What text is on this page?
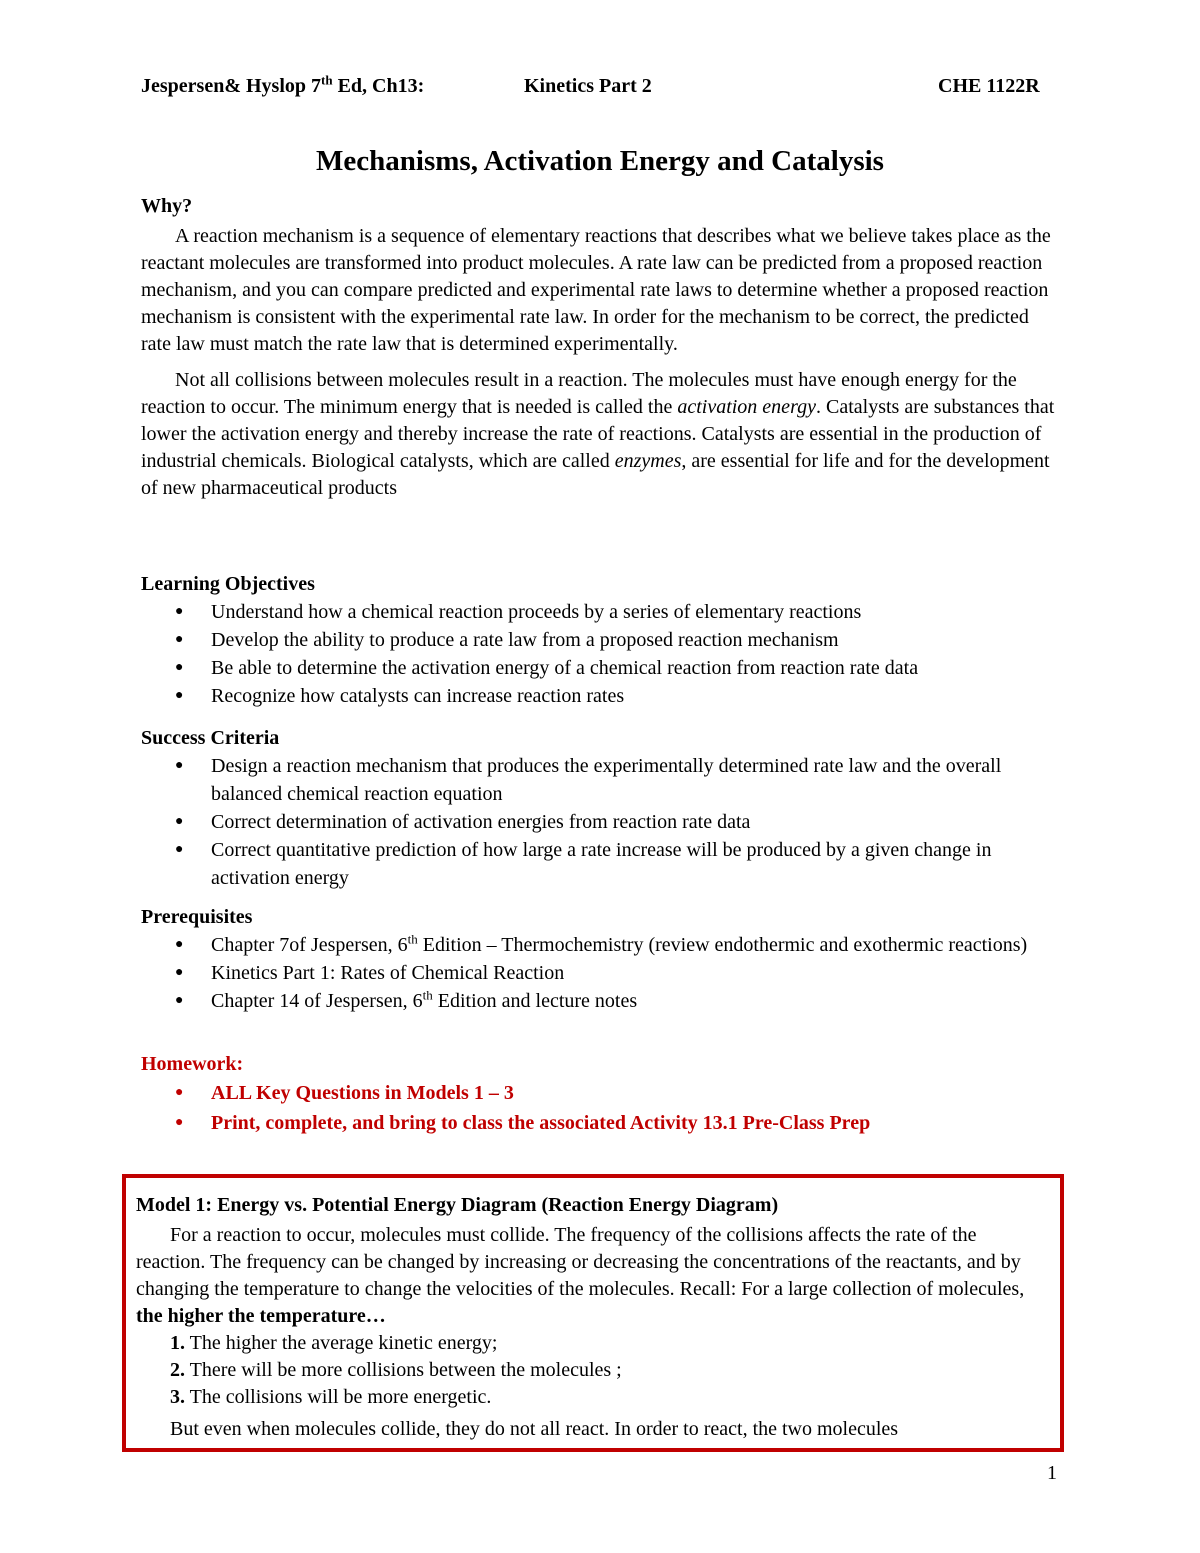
Jespersen& Hyslop 7th Ed, Ch13:	Kinetics Part 2	CHE 1122R
Mechanisms, Activation Energy and Catalysis
Why?

A reaction mechanism is a sequence of elementary reactions that describes what we believe takes place as the reactant molecules are transformed into product molecules. A rate law can be predicted from a proposed reaction mechanism, and you can compare predicted and experimental rate laws to determine whether a proposed reaction mechanism is consistent with the experimental rate law. In order for the mechanism to be correct, the predicted rate law must match the rate law that is determined experimentally.

Not all collisions between molecules result in a reaction. The molecules must have enough energy for the reaction to occur. The minimum energy that is needed is called the activation energy. Catalysts are substances that lower the activation energy and thereby increase the rate of reactions. Catalysts are essential in the production of industrial chemicals. Biological catalysts, which are called enzymes, are essential for life and for the development of new pharmaceutical products

Learning Objectives
● Understand how a chemical reaction proceeds by a series of elementary reactions
● Develop the ability to produce a rate law from a proposed reaction mechanism
● Be able to determine the activation energy of a chemical reaction from reaction rate data
● Recognize how catalysts can increase reaction rates
Success Criteria
● Design a reaction mechanism that produces the experimentally determined rate law and the overall balanced chemical reaction equation
● Correct determination of activation energies from reaction rate data
● Correct quantitative prediction of how large a rate increase will be produced by a given change in activation energy
Prerequisites
● Chapter 7of Jespersen, 6th Edition – Thermochemistry (review endothermic and exothermic reactions)
● Kinetics Part 1: Rates of Chemical Reaction
● Chapter 14 of Jespersen, 6th Edition and lecture notes
Homework:
● ALL Key Questions in Models 1 – 3
● Print, complete, and bring to class the associated Activity 13.1 Pre-Class Prep
Model 1: Energy vs. Potential Energy Diagram (Reaction Energy Diagram)

For a reaction to occur, molecules must collide. The frequency of the collisions affects the rate of the reaction. The frequency can be changed by increasing or decreasing the concentrations of the reactants, and by changing the temperature to change the velocities of the molecules. Recall: For a large collection of molecules, the higher the temperature…

1. The higher the average kinetic energy;

2. There will be more collisions between the molecules ;

3. The collisions will be more energetic.

But even when molecules collide, they do not all react. In order to react, the two molecules

1
